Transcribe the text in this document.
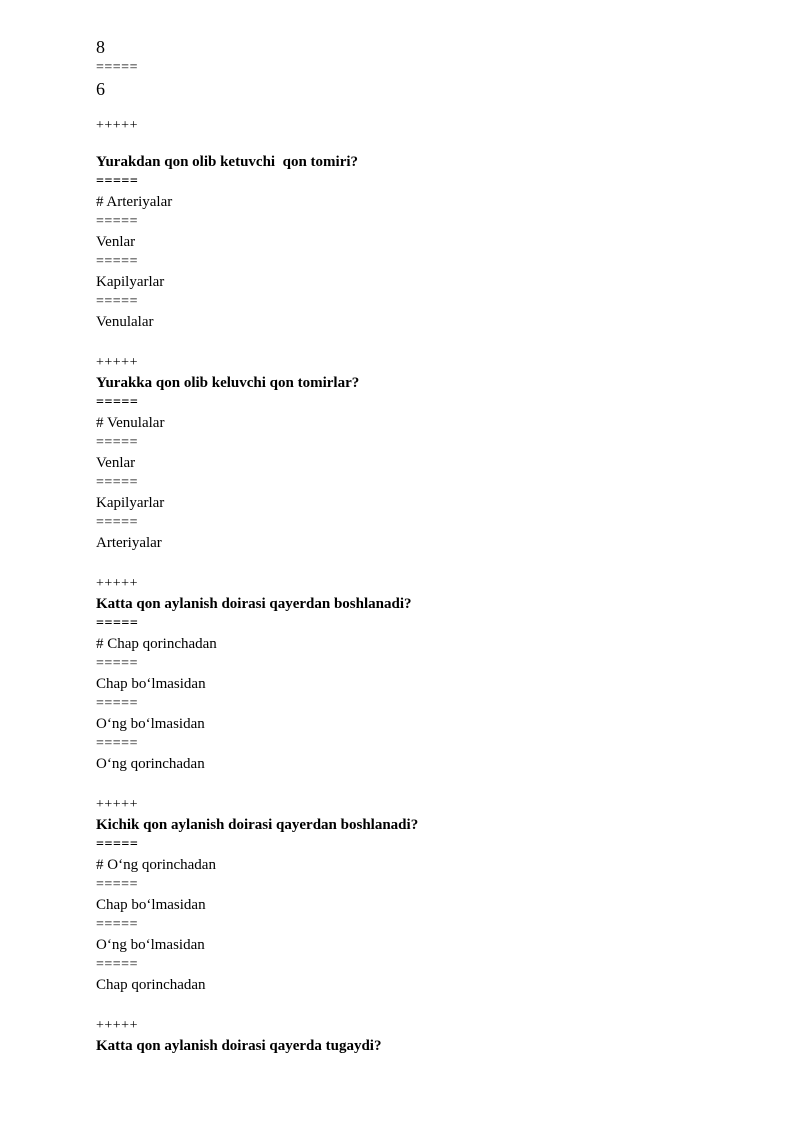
8
=====
6
+++++
Yurakdan qon olib ketuvchi  qon tomiri?
=====
# Arteriyalar
=====
Venlar
=====
Kapilyarlar
=====
Venulalar
+++++
Yurakka qon olib keluvchi qon tomirlar?
=====
# Venulalar
=====
Venlar
=====
Kapilyarlar
=====
Arteriyalar
+++++
Katta qon aylanish doirasi qayerdan boshlanadi?
=====
# Chap qorinchadan
=====
Chap bo‘lmasidan
=====
O‘ng bo‘lmasidan
=====
O‘ng qorinchadan
+++++
Kichik qon aylanish doirasi qayerdan boshlanadi?
=====
# O‘ng qorinchadan
=====
Chap bo‘lmasidan
=====
O‘ng bo‘lmasidan
=====
Chap qorinchadan
+++++
Katta qon aylanish doirasi qayerda tugaydi?
